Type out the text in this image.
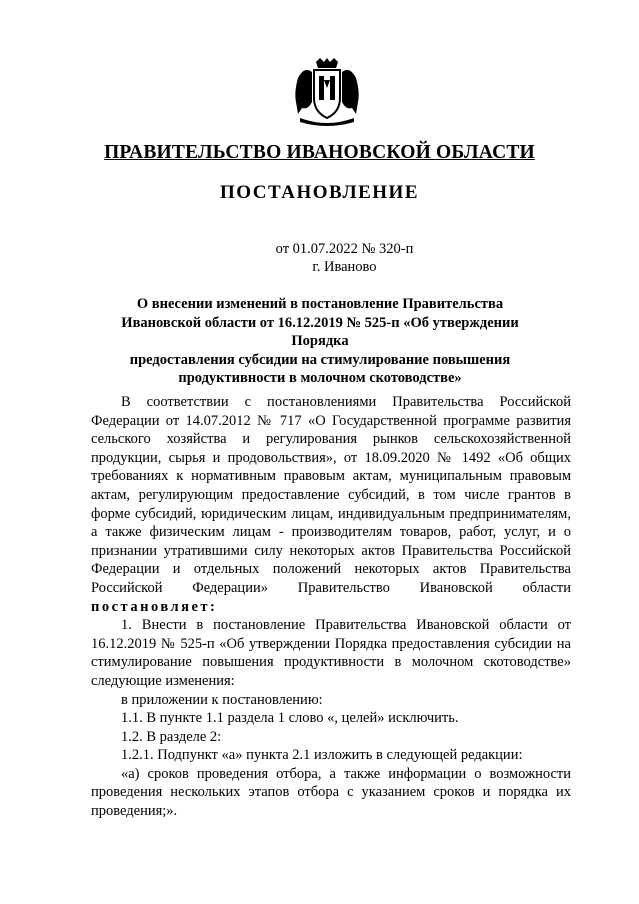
ПРАВИТЕЛЬСТВО ИВАНОВСКОЙ ОБЛАСТИ
ПОСТАНОВЛЕНИЕ
от 01.07.2022 № 320-п
г. Иваново
О внесении изменений в постановление Правительства
Ивановской области от 16.12.2019 № 525-п «Об утверждении Порядка
предоставления субсидии на стимулирование повышения
продуктивности в молочном скотоводстве»

В соответствии с постановлениями Правительства Российской Федерации от 14.07.2012 № 717 «О Государственной программе развития сельского хозяйства и регулирования рынков сельскохозяйственной продукции, сырья и продовольствия», от 18.09.2020 № 1492 «Об общих требованиях к нормативным правовым актам, муниципальным правовым актам, регулирующим предоставление субсидий, в том числе грантов в форме субсидий, юридическим лицам, индивидуальным предпринимателям, а также физическим лицам - производителям товаров, работ, услуг, и о признании утратившими силу некоторых актов Правительства Российской Федерации и отдельных положений некоторых актов Правительства Российской Федерации» Правительство Ивановской области постановляет:

1. Внести в постановление Правительства Ивановской области от 16.12.2019 № 525-п «Об утверждении Порядка предоставления субсидии на стимулирование повышения продуктивности в молочном скотоводстве» следующие изменения:

в приложении к постановлению:

1.1. В пункте 1.1 раздела 1 слово «, целей» исключить.

1.2. В разделе 2:

1.2.1. Подпункт «а» пункта 2.1 изложить в следующей редакции:

«а) сроков проведения отбора, а также информации о возможности проведения нескольких этапов отбора с указанием сроков и порядка их проведения;».
